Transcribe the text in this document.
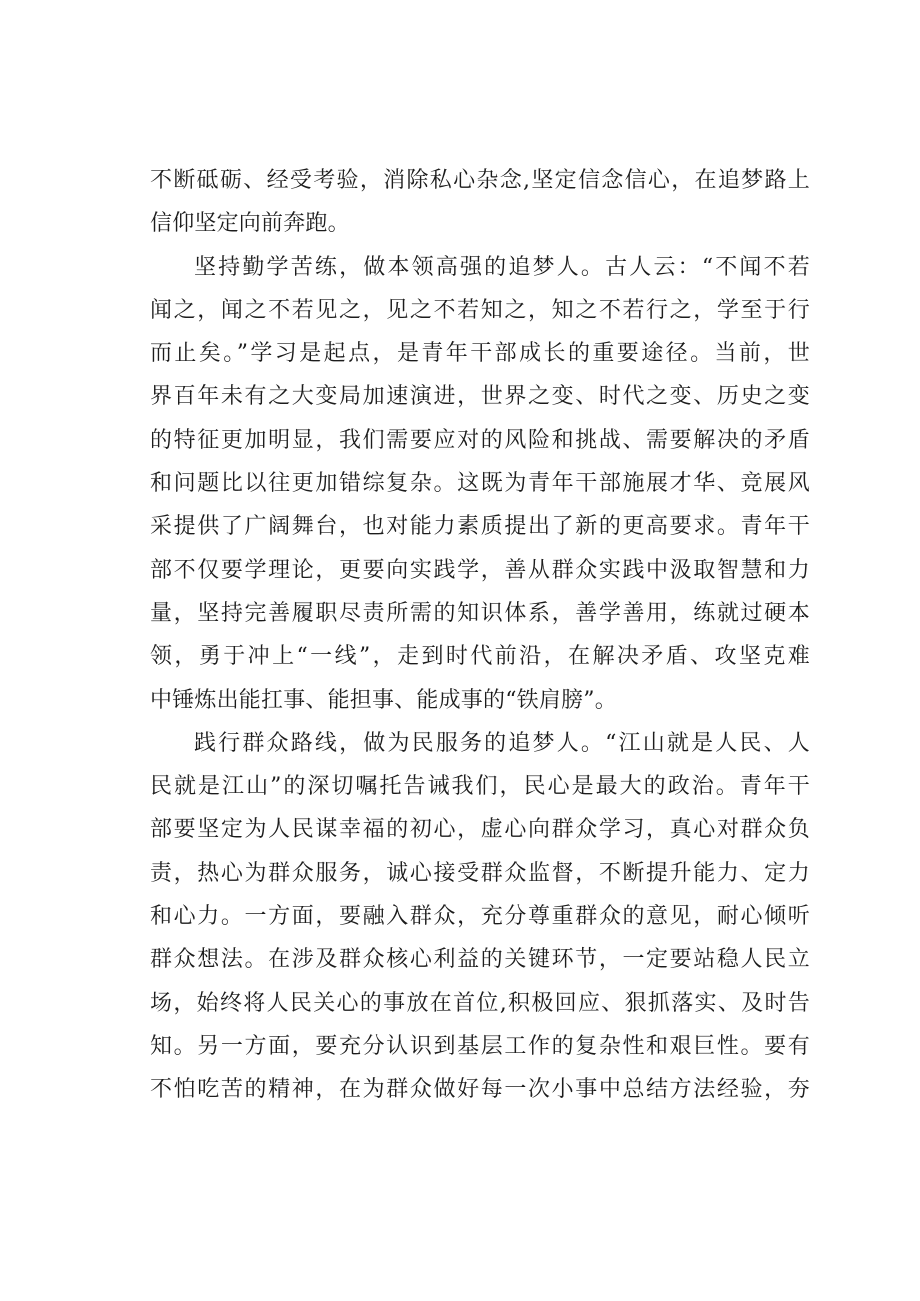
不断砥砺、经受考验，消除私心杂念,坚定信念信心，在追梦路上
信仰坚定向前奔跑。
坚持勤学苦练，做本领高强的追梦人。古人云：“不闻不若
闻之，闻之不若见之，见之不若知之，知之不若行之，学至于行
而止矣。”学习是起点，是青年干部成长的重要途径。当前，世
界百年未有之大变局加速演进，世界之变、时代之变、历史之变
的特征更加明显，我们需要应对的风险和挑战、需要解决的矛盾
和问题比以往更加错综复杂。这既为青年干部施展才华、竞展风
采提供了广阔舞台，也对能力素质提出了新的更高要求。青年干
部不仅要学理论，更要向实践学，善从群众实践中汲取智慧和力
量，坚持完善履职尽责所需的知识体系，善学善用，练就过硬本
领，勇于冲上“一线”，走到时代前沿，在解决矛盾、攻坚克难
中锤炼出能扛事、能担事、能成事的“铁肩膀”。
践行群众路线，做为民服务的追梦人。“江山就是人民、人
民就是江山”的深切嘱托告诫我们，民心是最大的政治。青年干
部要坚定为人民谋幸福的初心，虚心向群众学习，真心对群众负
责，热心为群众服务，诚心接受群众监督，不断提升能力、定力
和心力。一方面，要融入群众，充分尊重群众的意见，耐心倾听
群众想法。在涉及群众核心利益的关键环节，一定要站稳人民立
场，始终将人民关心的事放在首位,积极回应、狠抓落实、及时告
知。另一方面，要充分认识到基层工作的复杂性和艰巨性。要有
不怕吃苦的精神，在为群众做好每一次小事中总结方法经验，夯
